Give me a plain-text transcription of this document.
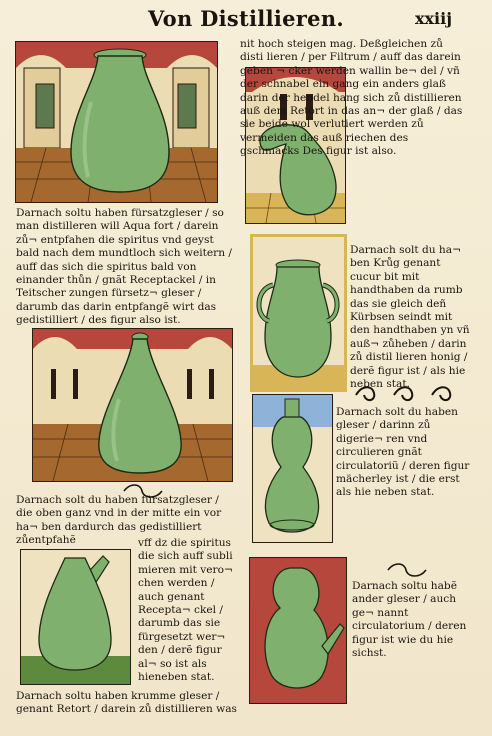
Von Distillieren.	xxiij

nit hoch steigen mag. Deßgleichen zů disti lieren / per Filtrum / auff das darein geben ¬ cker werden wallin be¬ del / vñ der schnabel ein gang ein anders glaß darin der hendel hang sich zů distillieren auß dem Retort in das an¬ der glaß / das sie beide wol verlutiert werden zů vermeiden das auß riechen des gschmacks Des figur ist also.

Darnach soltu haben fürsatzgleser / so man distilleren will Aqua fort / darein zů¬ entpfahen die spiritus vnd geyst bald nach dem mundtloch sich weitern / auff das sich die spiritus bald von einander thůn / gnãt Receptackel / in Teitscher zungen fürsetz¬ gleser / darumb das darin entpfangẽ wirt das gedistilliert / des figur also ist.

Darnach solt du ha¬ ben Krůg genant cucur bit mit handthaben da rumb das sie gleich deñ Kürbsen seindt mit den handthaben yn vñ auß¬ zůheben / darin zů distil lieren honig / derẽ figur ist / als hie neben stat.

Darnach solt du haben gleser / darinn zů digerie¬ ren vnd circulieren gnãt circulatoriũ / deren figur mächerley ist / die erst als hie neben stat.

Darnach solt du haben fürsatzgleser / die oben ganz vnd in der mitte ein vor ha¬ ben dardurch das gedistilliert zůentpfahẽ	vff dz die spiritus die sich auff subli mieren mit vero¬ chen werden / auch genant Recepta¬ ckel / darumb das sie fürgesetzt wer¬ den / derẽ figur al¬ so ist als hieneben stat.

Darnach soltu habẽ ander gleser / auch ge¬ nannt circulatorium / deren figur ist wie du hie sichst.

Darnach soltu haben krumme gleser / genant Retort / darein zů distillieren was
